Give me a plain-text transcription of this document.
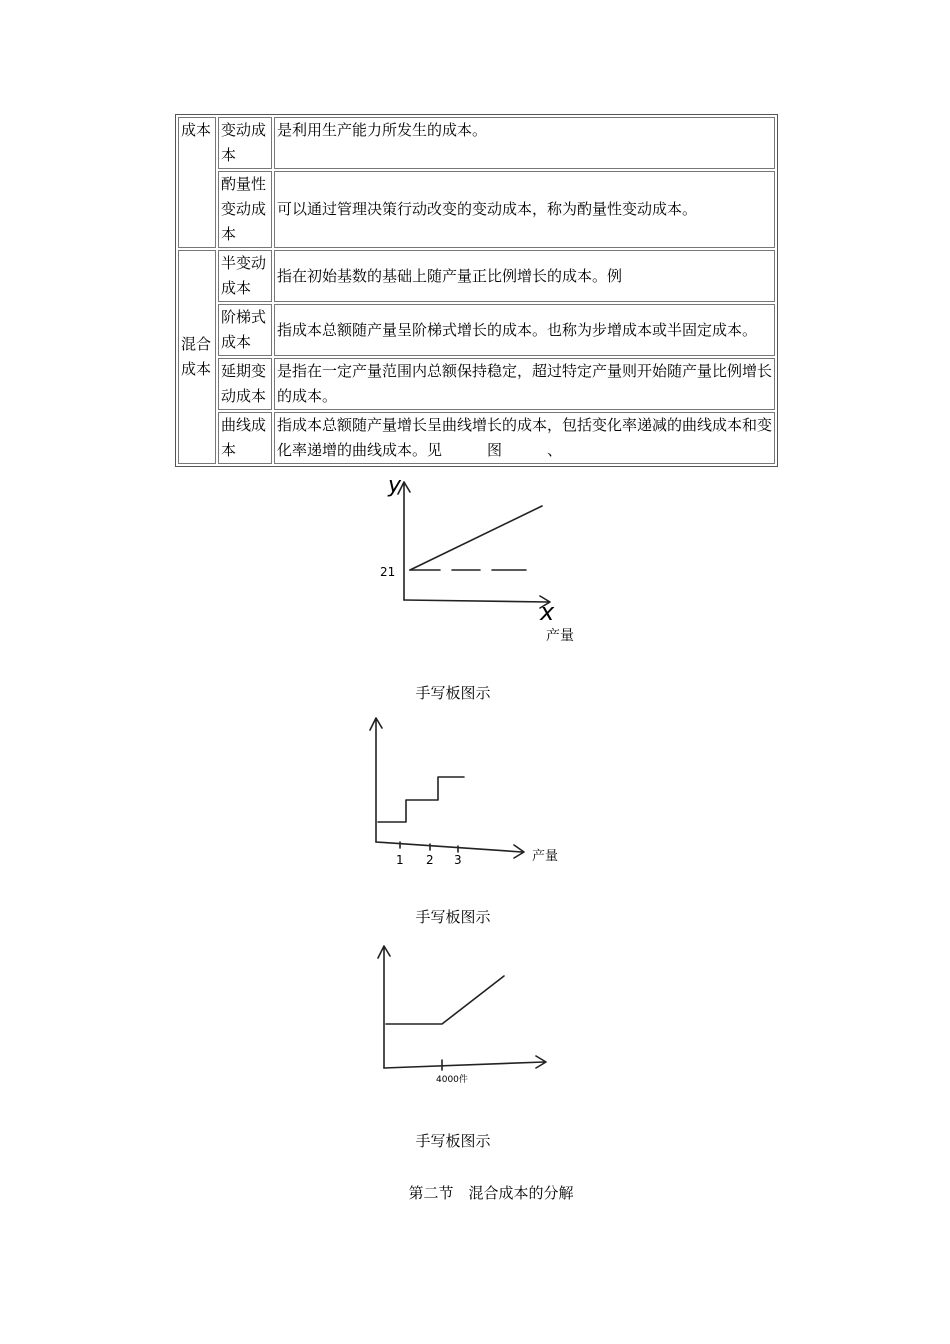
成本	变动成本	是利用生产能力所发生的成本。
	酌量性变动成本	可以通过管理决策行动改变的变动成本，称为酌量性变动成本。
混合成本	半变动成本	指在初始基数的基础上随产量正比例增长的成本。例
	阶梯式成本	指成本总额随产量呈阶梯式增长的成本。也称为步增成本或半固定成本。
	延期变动成本	是指在一定产量范围内总额保持稳定，超过特定产量则开始随产量比例增长的成本。
	曲线成本	指成本总额随产量增长呈曲线增长的成本，包括变化率递减的曲线成本和变化率递增的曲线成本。见　　　图　　　、
y
21
x
产量
手写板图示
1 2 3	产量
手写板图示
4000件
手写板图示
第二节　混合成本的分解
